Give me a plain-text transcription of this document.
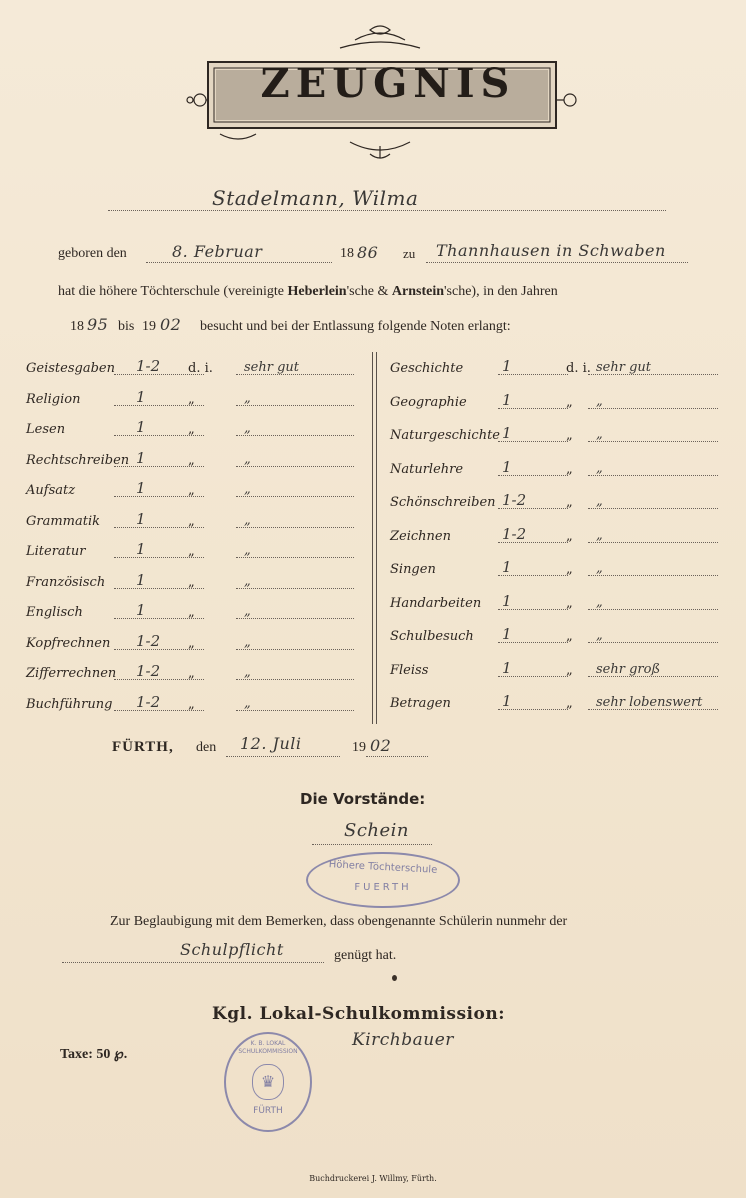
ZEUGNIS
Stadelmann, Wilma
geboren den	8. Februar	18 86 zu Thannhausen in Schwaben
hat die höhere Töchterschule (vereinigte Heberlein'sche & Arnstein'sche), in den Jahren
18 95 bis 19 02 besucht und bei der Entlassung folgende Noten erlangt:
Geistesgaben 1-2 d. i. sehr gut
Religion	1	„	„
Lesen	1	„	„
Rechtschreiben 1	„	„
Aufsatz	1	„	„
Grammatik 1	„	„
Literatur	1	„	„
Französisch 1	„	„
Englisch	1	„	„
Kopfrechnen 1-2 „	„
Zifferrechnen 1-2 „	„
Buchführung 1-2 „	„
Geschichte	1	d. i. sehr gut
Geographie 1	„ „
Naturgeschichte 1	„ „
Naturlehre	1	„ „
Schönschreiben 1-2	„ „
Zeichnen	1-2	„ „
Singen	1	„ „
Handarbeiten 1	„ „
Schulbesuch 1	„ „
Fleiss	1	„ sehr groß
Betragen	1	„ sehr lobenswert
FÜRTH, den 12. Juli	19 02
Die Vorstände:
Schein
Höhere Töchterschule
FUERTH
Zur Beglaubigung mit dem Bemerken, dass obengenannte Schülerin nunmehr der
Schulpflicht	genügt hat.
Kgl. Lokal-Schulkommission:
Kirchbauer
Taxe: 50 ℘.
K. B. LOKAL SCHULKOMMISSION
♛
FÜRTH
Buchdruckerei J. Willmy, Fürth.
